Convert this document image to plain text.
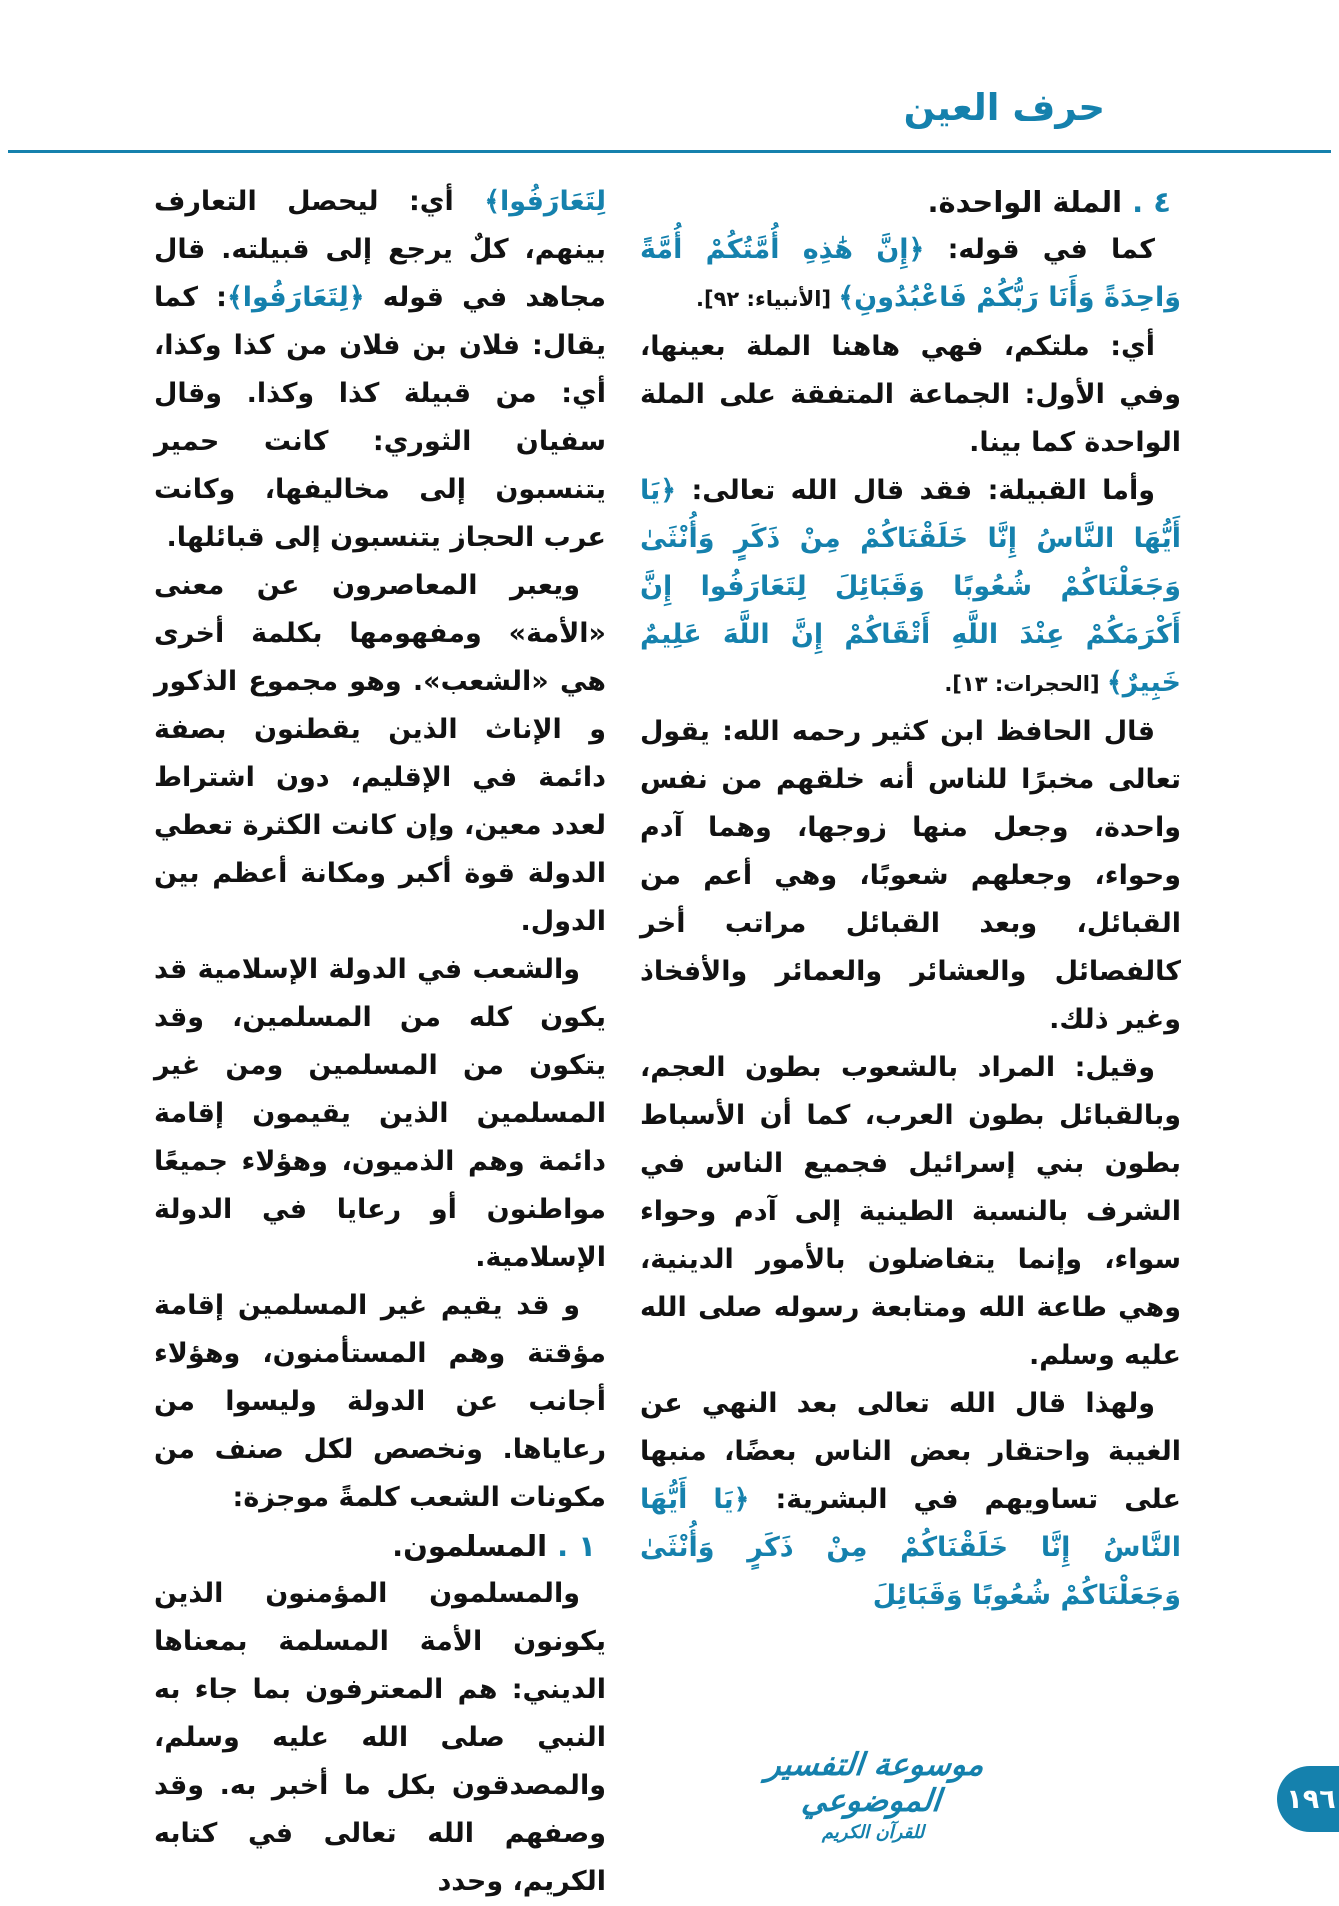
حرف العين
٤ . الملة الواحدة.
كما في قوله: ﴿إِنَّ هَٰذِهِ أُمَّتُكُمْ أُمَّةً وَاحِدَةً وَأَنَا رَبُّكُمْ فَاعْبُدُونِ﴾ [الأنبياء: ٩٢].
أي: ملتكم، فهي هاهنا الملة بعينها، وفي الأول: الجماعة المتفقة على الملة الواحدة كما بينا.
وأما القبيلة: فقد قال الله تعالى: ﴿يَا أَيُّهَا النَّاسُ إِنَّا خَلَقْنَاكُمْ مِنْ ذَكَرٍ وَأُنْثَىٰ وَجَعَلْنَاكُمْ شُعُوبًا وَقَبَائِلَ لِتَعَارَفُوا إِنَّ أَكْرَمَكُمْ عِنْدَ اللَّهِ أَتْقَاكُمْ إِنَّ اللَّهَ عَلِيمٌ خَبِيرٌ﴾ [الحجرات: ١٣].
قال الحافظ ابن كثير رحمه الله: يقول تعالى مخبرًا للناس أنه خلقهم من نفس واحدة، وجعل منها زوجها، وهما آدم وحواء، وجعلهم شعوبًا، وهي أعم من القبائل، وبعد القبائل مراتب أخر كالفصائل والعشائر والعمائر والأفخاذ وغير ذلك.
وقيل: المراد بالشعوب بطون العجم، وبالقبائل بطون العرب، كما أن الأسباط بطون بني إسرائيل فجميع الناس في الشرف بالنسبة الطينية إلى آدم وحواء سواء، وإنما يتفاضلون بالأمور الدينية، وهي طاعة الله ومتابعة رسوله صلى الله عليه وسلم.
ولهذا قال الله تعالى بعد النهي عن الغيبة واحتقار بعض الناس بعضًا، منبها على تساويهم في البشرية: ﴿يَا أَيُّهَا النَّاسُ إِنَّا خَلَقْنَاكُمْ مِنْ ذَكَرٍ وَأُنْثَىٰ وَجَعَلْنَاكُمْ شُعُوبًا وَقَبَائِلَ
لِتَعَارَفُوا﴾ أي: ليحصل التعارف بينهم، كلٌ يرجع إلى قبيلته. قال مجاهد في قوله ﴿لِتَعَارَفُوا﴾: كما يقال: فلان بن فلان من كذا وكذا، أي: من قبيلة كذا وكذا. وقال سفيان الثوري: كانت حمير يتنسبون إلى مخاليفها، وكانت عرب الحجاز يتنسبون إلى قبائلها.
ويعبر المعاصرون عن معنى «الأمة» ومفهومها بكلمة أخرى هي «الشعب». وهو مجموع الذكور و الإناث الذين يقطنون بصفة دائمة في الإقليم، دون اشتراط لعدد معين، وإن كانت الكثرة تعطي الدولة قوة أكبر ومكانة أعظم بين الدول.
والشعب في الدولة الإسلامية قد يكون كله من المسلمين، وقد يتكون من المسلمين ومن غير المسلمين الذين يقيمون إقامة دائمة وهم الذميون، وهؤلاء جميعًا مواطنون أو رعايا في الدولة الإسلامية.
و قد يقيم غير المسلمين إقامة مؤقتة وهم المستأمنون، وهؤلاء أجانب عن الدولة وليسوا من رعاياها. ونخصص لكل صنف من مكونات الشعب كلمةً موجزة:
١ . المسلمون.
والمسلمون المؤمنون الذين يكونون الأمة المسلمة بمعناها الديني: هم المعترفون بما جاء به النبي صلى الله عليه وسلم، والمصدقون بكل ما أخبر به. وقد وصفهم الله تعالى في كتابه الكريم، وحدد
موسوعة التفسير الموضوعي
للقرآن الكريم
١٩٦
